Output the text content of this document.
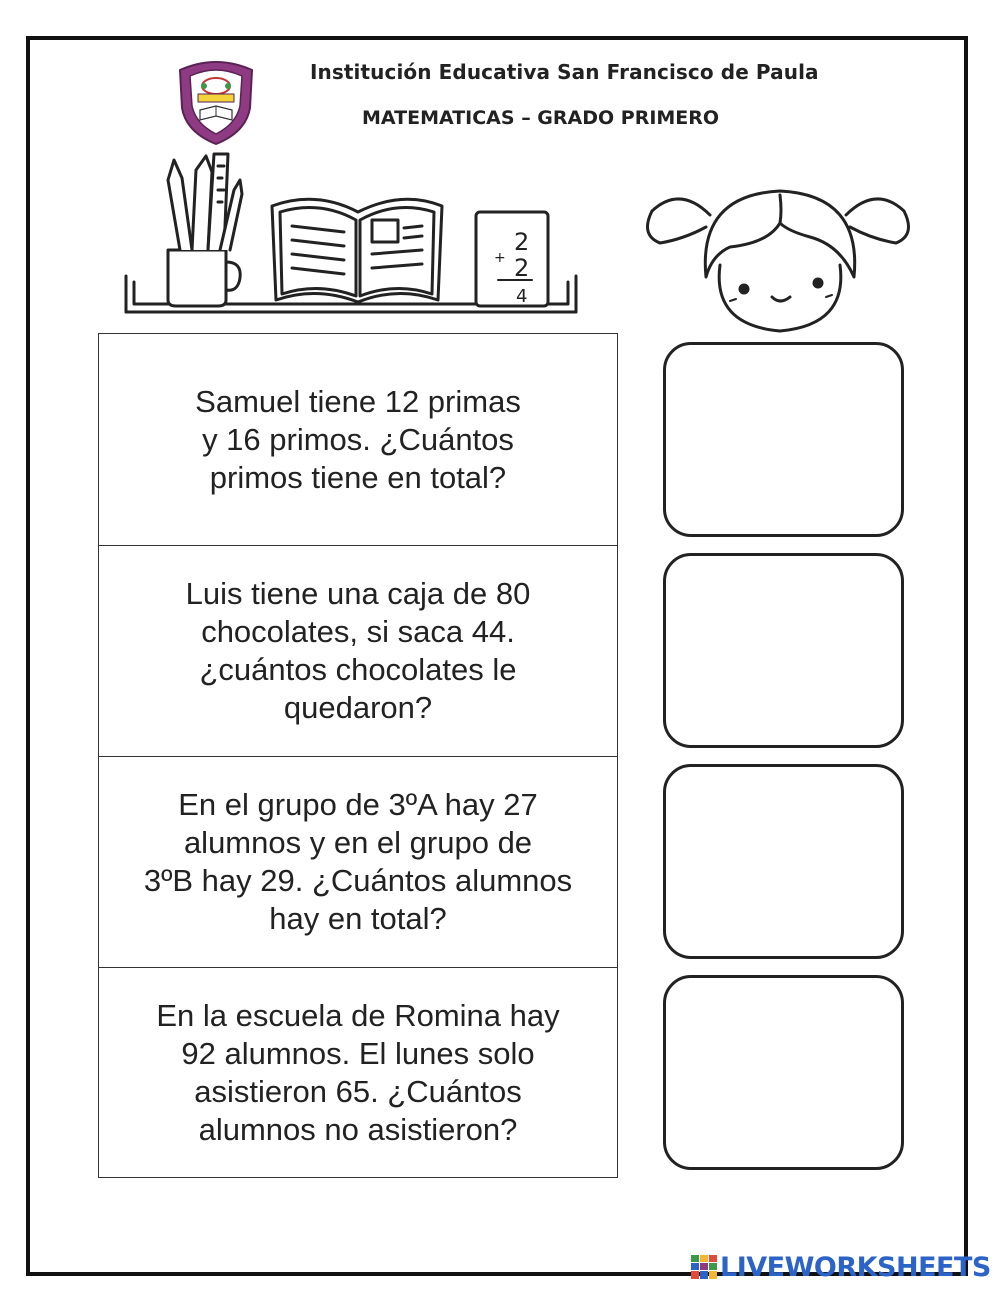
Institución Educativa San Francisco de Paula
MATEMATICAS – GRADO PRIMERO
2
+ 2
4
Samuel tiene 12 primas
y 16 primos. ¿Cuántos
primos tiene en total?
Luis tiene una caja de 80
chocolates, si saca 44.
¿cuántos chocolates le
quedaron?
En el grupo de 3ºA hay 27
alumnos y en el grupo de
3ºB hay 29. ¿Cuántos alumnos
hay en total?
En la escuela de Romina hay
92 alumnos. El lunes solo
asistieron 65. ¿Cuántos
alumnos no asistieron?
LIVEWORKSHEETS
